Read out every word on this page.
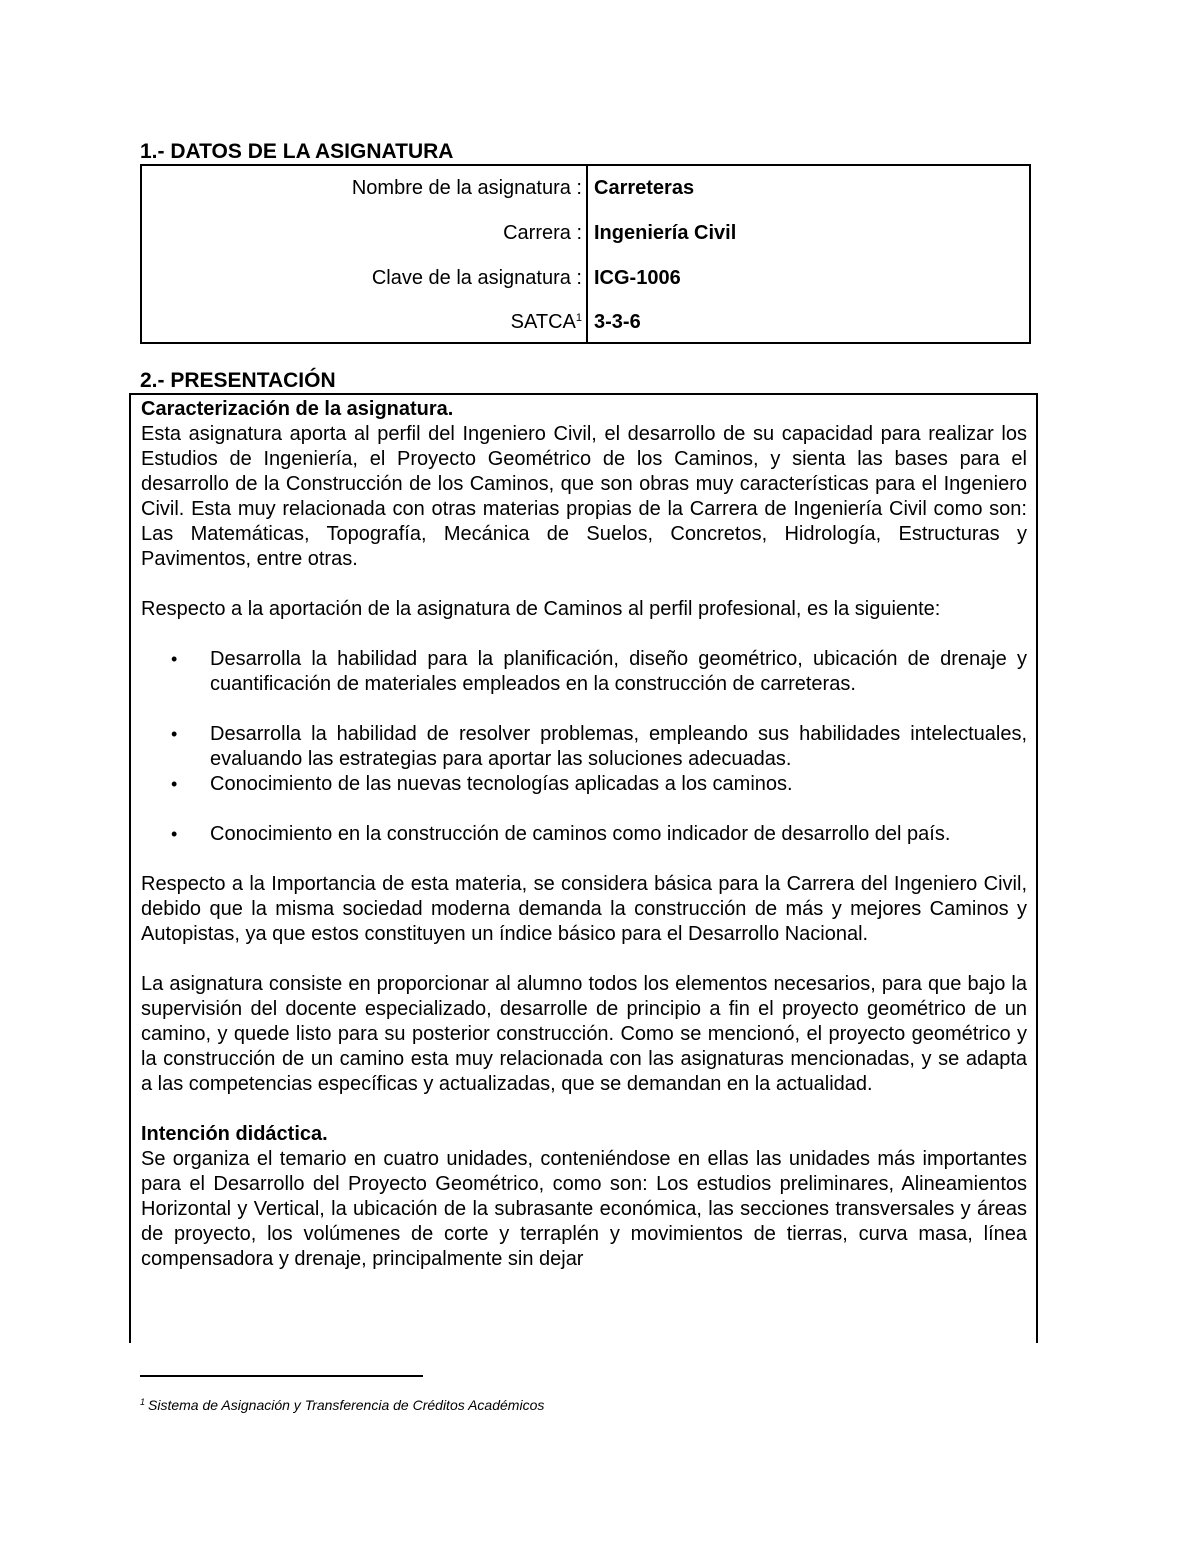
1.- DATOS DE LA ASIGNATURA
Nombre de la asignatura : Carreteras
Carrera : Ingeniería Civil
Clave de la asignatura : ICG-1006
SATCA$^1$ 3-3-6
2.- PRESENTACIÓN

Caracterización de la asignatura.

Esta asignatura aporta al perfil del Ingeniero Civil, el desarrollo de su capacidad para realizar los Estudios de Ingeniería, el Proyecto Geométrico de los Caminos, y sienta las bases para el desarrollo de la Construcción de los Caminos, que son obras muy características para el Ingeniero Civil. Esta muy relacionada con otras materias propias de la Carrera de Ingeniería Civil como son: Las Matemáticas, Topografía, Mecánica de Suelos, Concretos, Hidrología, Estructuras y Pavimentos, entre otras.

Respecto a la aportación de la asignatura de Caminos al perfil profesional, es la siguiente:

• Desarrolla la habilidad para la planificación, diseño geométrico, ubicación de drenaje y cuantificación de materiales empleados en la construcción de carreteras.
• Desarrolla la habilidad de resolver problemas, empleando sus habilidades intelectuales, evaluando las estrategias para aportar las soluciones adecuadas.
• Conocimiento de las nuevas tecnologías aplicadas a los caminos.
• Conocimiento en la construcción de caminos como indicador de desarrollo del país.

Respecto a la Importancia de esta materia, se considera básica para la Carrera del Ingeniero Civil, debido que la misma sociedad moderna demanda la construcción de más y mejores Caminos y Autopistas, ya que estos constituyen un índice básico para el Desarrollo Nacional.

La asignatura consiste en proporcionar al alumno todos los elementos necesarios, para que bajo la supervisión del docente especializado, desarrolle de principio a fin el proyecto geométrico de un camino, y quede listo para su posterior construcción. Como se mencionó, el proyecto geométrico y la construcción de un camino esta muy relacionada con las asignaturas mencionadas, y se adapta a las competencias específicas y actualizadas, que se demandan en la actualidad.

Intención didáctica.

Se organiza el temario en cuatro unidades, conteniéndose en ellas las unidades más importantes para el Desarrollo del Proyecto Geométrico, como son: Los estudios preliminares, Alineamientos Horizontal y Vertical, la ubicación de la subrasante económica, las secciones transversales y áreas de proyecto, los volúmenes de corte y terraplén y movimientos de tierras, curva masa, línea compensadora y drenaje, principalmente sin dejar

$^1$ Sistema de Asignación y Transferencia de Créditos Académicos
